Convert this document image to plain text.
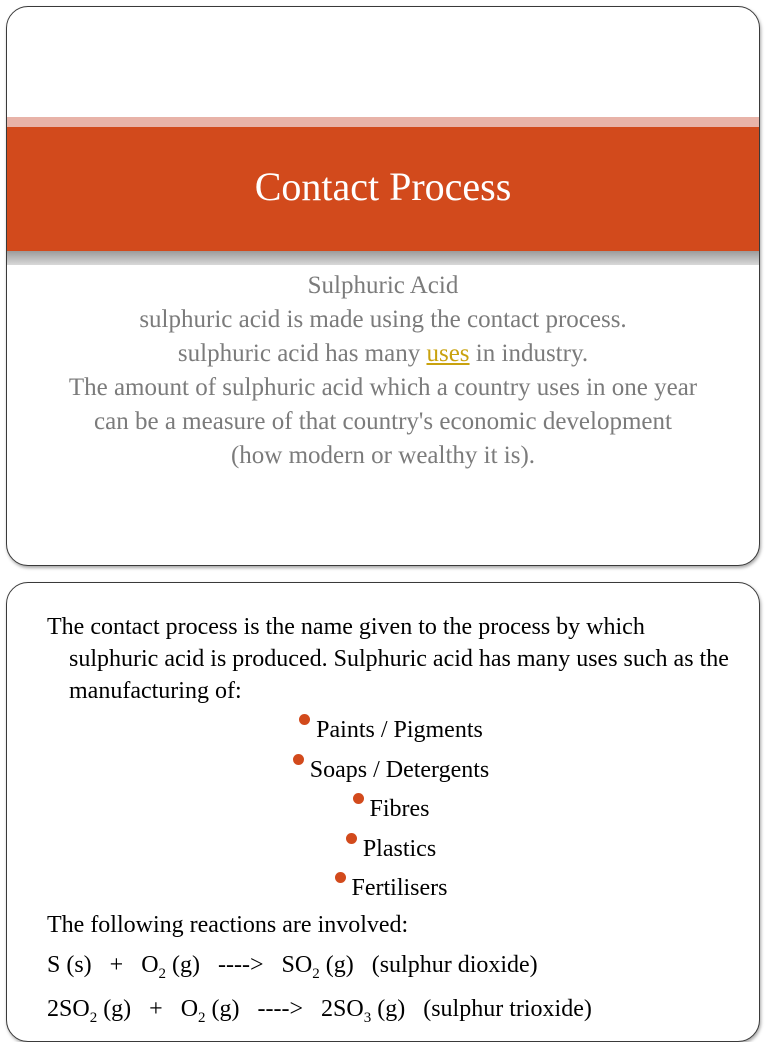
Contact Process

Sulphuric Acid

sulphuric acid is made using the contact process.

sulphuric acid has many uses in industry.

The amount of sulphuric acid which a country uses in one year

can be a measure of that country's economic development

(how modern or wealthy it is).

The contact process is the name given to the process by which sulphuric acid is produced. Sulphuric acid has many uses such as the manufacturing of:

Paints / Pigments
Soaps / Detergents
Fibres
Plastics
Fertilisers

The following reactions are involved:

S $(s) + O_2$ (g)   ---->   $SO_2$ (g)   (sulphur dioxide)

$2SO_2$ $(g) + O_2$ (g)   ---->   $2SO_3$ (g)   (sulphur trioxide)
